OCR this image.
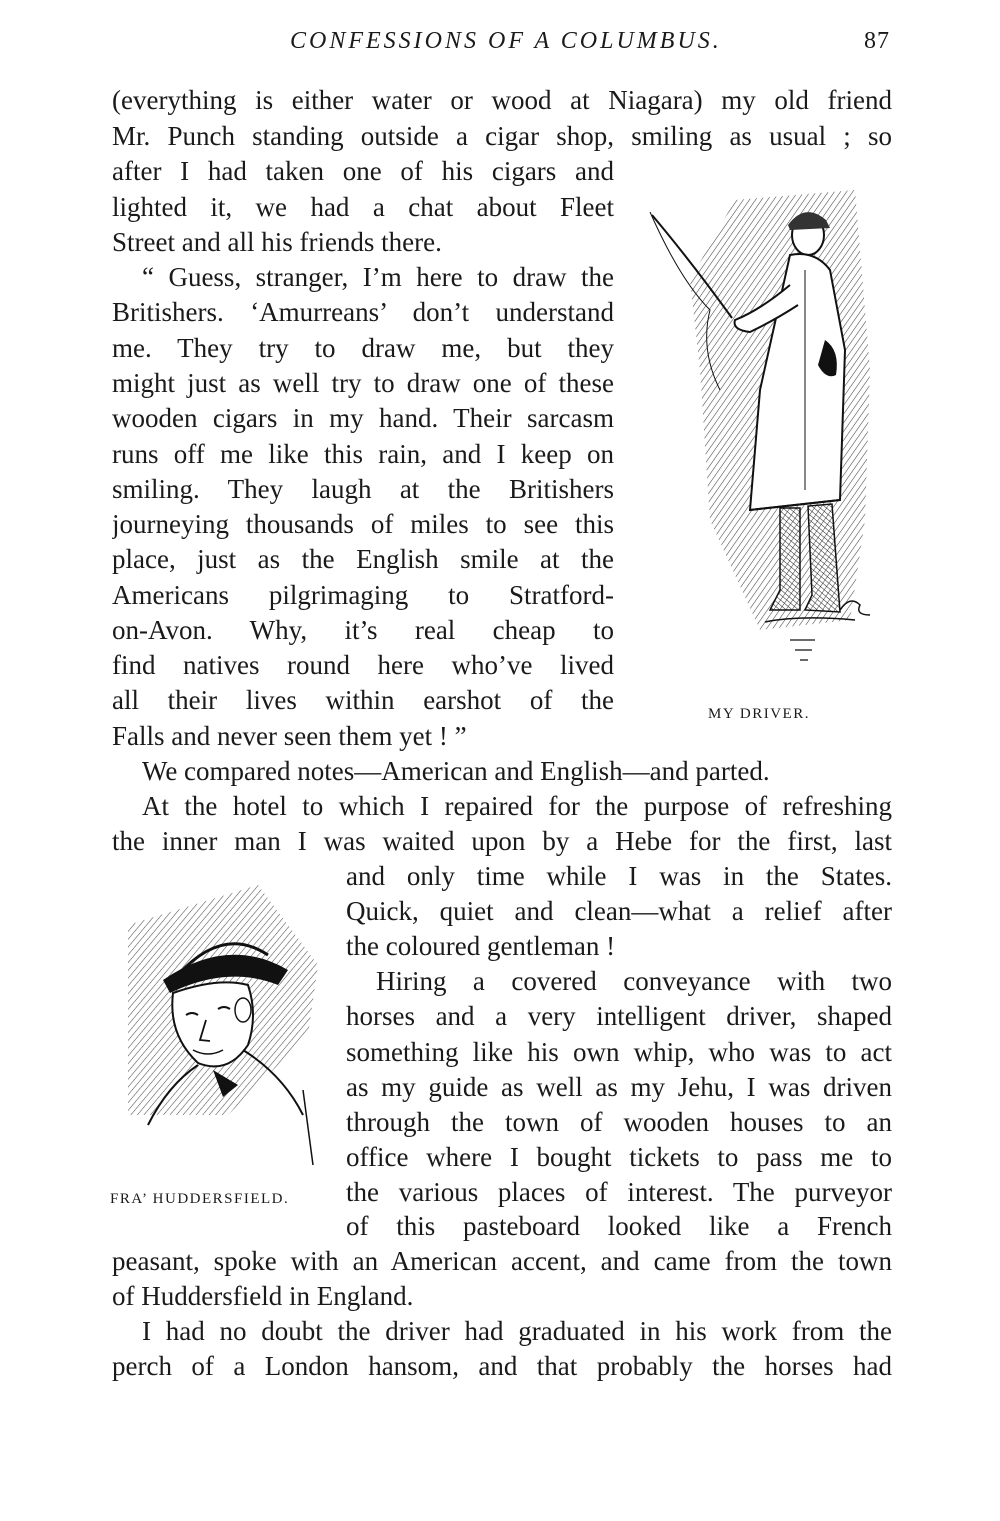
CONFESSIONS OF A COLUMBUS.	87
(everything is either water or wood at Niagara) my old friend
Mr. Punch standing outside a cigar shop, smiling as usual ; so
after I had taken one of his cigars and
lighted it, we had a chat about Fleet
Street and all his friends there.
“ Guess, stranger, I’m here to draw the
Britishers. ‘Amurreans’ don’t understand
me. They try to draw me, but they
might just as well try to draw one of these
wooden cigars in my hand. Their sarcasm
runs off me like this rain, and I keep on
smiling. They laugh at the Britishers
journeying thousands of miles to see this
place, just as the English smile at the
Americans pilgrimaging to Stratford-
on-Avon. Why, it’s real cheap to
find natives round here who’ve lived
all their lives within earshot of the
Falls and never seen them yet ! ”
We compared notes—American and English—and parted.
At the hotel to which I repaired for the purpose of refreshing
the inner man I was waited upon by a Hebe for the first, last
and only time while I was in the States.
Quick, quiet and clean—what a relief after
the coloured gentleman !
Hiring a covered conveyance with two
horses and a very intelligent driver, shaped
something like his own whip, who was to act
as my guide as well as my Jehu, I was driven
through the town of wooden houses to an
office where I bought tickets to pass me to
the various places of interest. The purveyor
of this pasteboard looked like a French
peasant, spoke with an American accent, and came from the town
of Huddersfield in England.
I had no doubt the driver had graduated in his work from the
perch of a London hansom, and that probably the horses had
MY DRIVER.
FRA’ HUDDERSFIELD.
